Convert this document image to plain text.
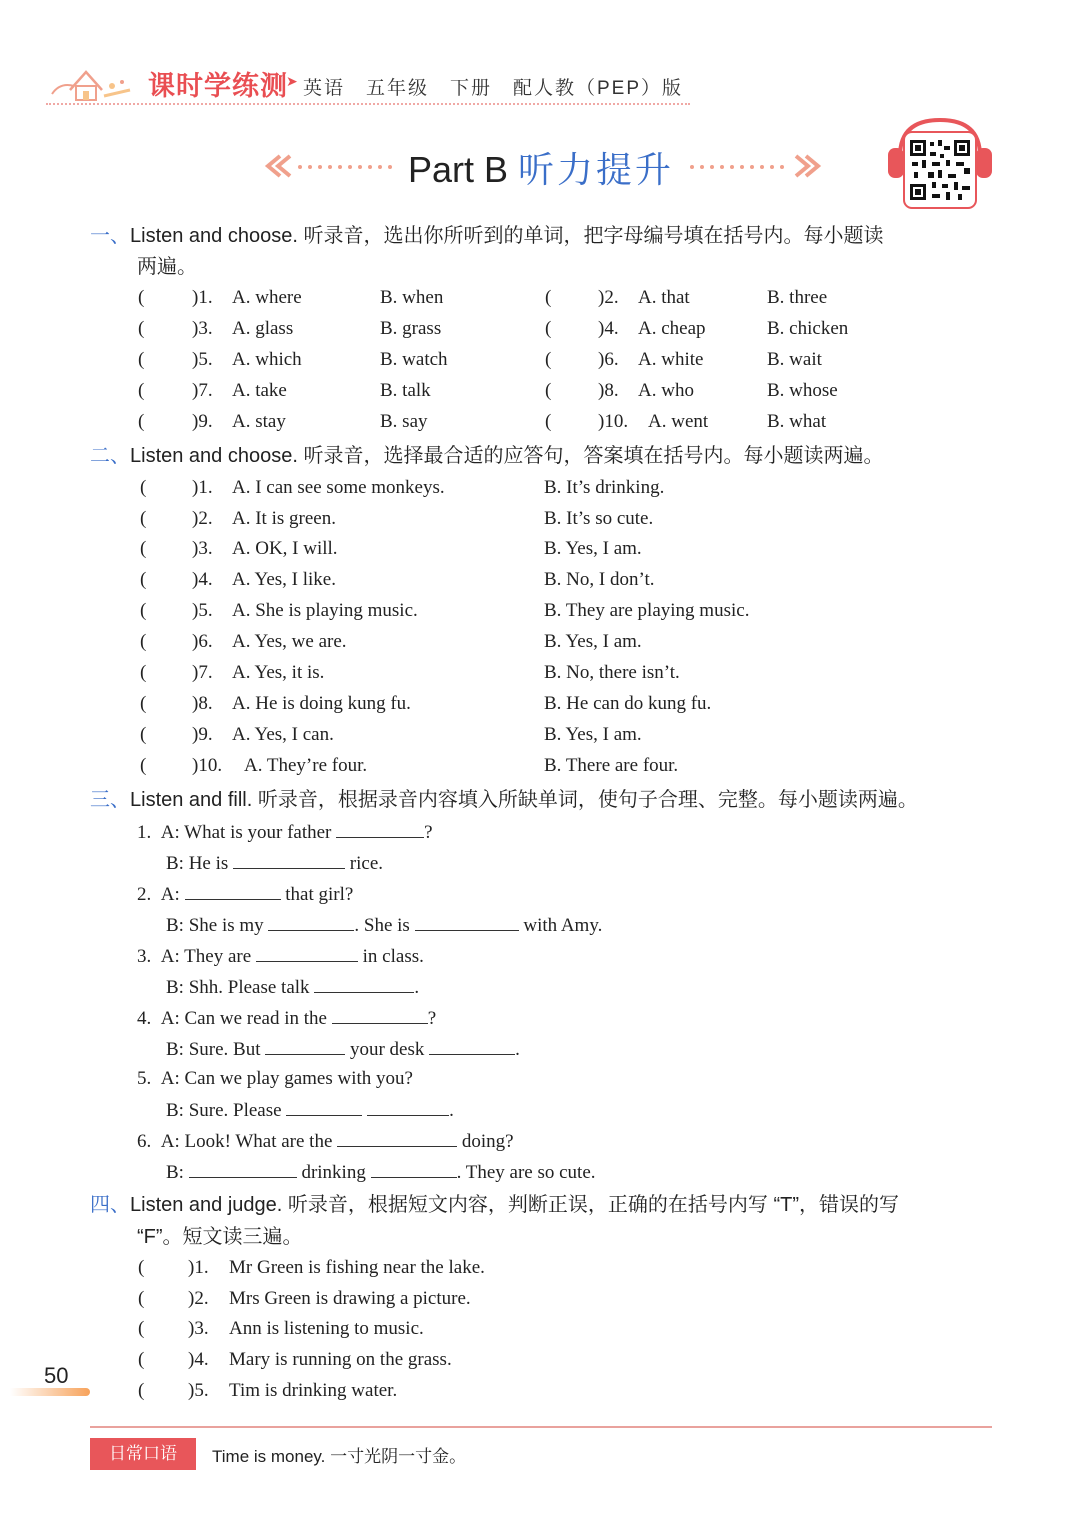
课时学练测
➤ 英语　五年级　下册　配人教（PEP）版
Part B 听力提升
一、Listen and choose. 听录音，选出你所听到的单词，把字母编号填在括号内。每小题读
两遍。
(	)1. A. where	B. when	( )2. A. that	B. three
(	)3. A. glass	B. grass	( )4. A. cheap	B. chicken
(	)5. A. which	B. watch	( )6. A. white	B. wait
(	)7. A. take	B. talk	( )8. A. who	B. whose
(	)9. A. stay	B. say	( )10. A. went	B. what
二、Listen and choose. 听录音，选择最合适的应答句，答案填在括号内。每小题读两遍。
( )1. A. I can see some monkeys.	B. It’s drinking.
( )2. A. It is green.	B. It’s so cute.
( )3. A. OK, I will.	B. Yes, I am.
( )4. A. Yes, I like.	B. No, I don’t.
( )5. A. She is playing music.	B. They are playing music.
( )6. A. Yes, we are.	B. Yes, I am.
( )7. A. Yes, it is.	B. No, there isn’t.
( )8. A. He is doing kung fu.	B. He can do kung fu.
( )9. A. Yes, I can.	B. Yes, I am.
( )10. A. They’re four.	B. There are four.
三、Listen and fill. 听录音，根据录音内容填入所缺单词，使句子合理、完整。每小题读两遍。
1. A: What is your father	?
B: He is	rice.
2. A:	that girl?
B: She is my	. She is	with Amy.
3. A: They are	in class.
B: Shh. Please talk	.
4. A: Can we read in the	?
B: Sure. But	your desk	.
5. A: Can we play games with you?
B: Sure. Please	.
6. A: Look! What are the	doing?
B:	drinking	. They are so cute.
四、Listen and judge. 听录音，根据短文内容，判断正误，正确的在括号内写 “T”，错误的写
“F”。短文读三遍。
( )1. Mr Green is fishing near the lake.
( )2. Mrs Green is drawing a picture.
( )3. Ann is listening to music.
( )4. Mary is running on the grass.
( )5. Tim is drinking water.
50
日常口语	Time is money. 一寸光阴一寸金。
